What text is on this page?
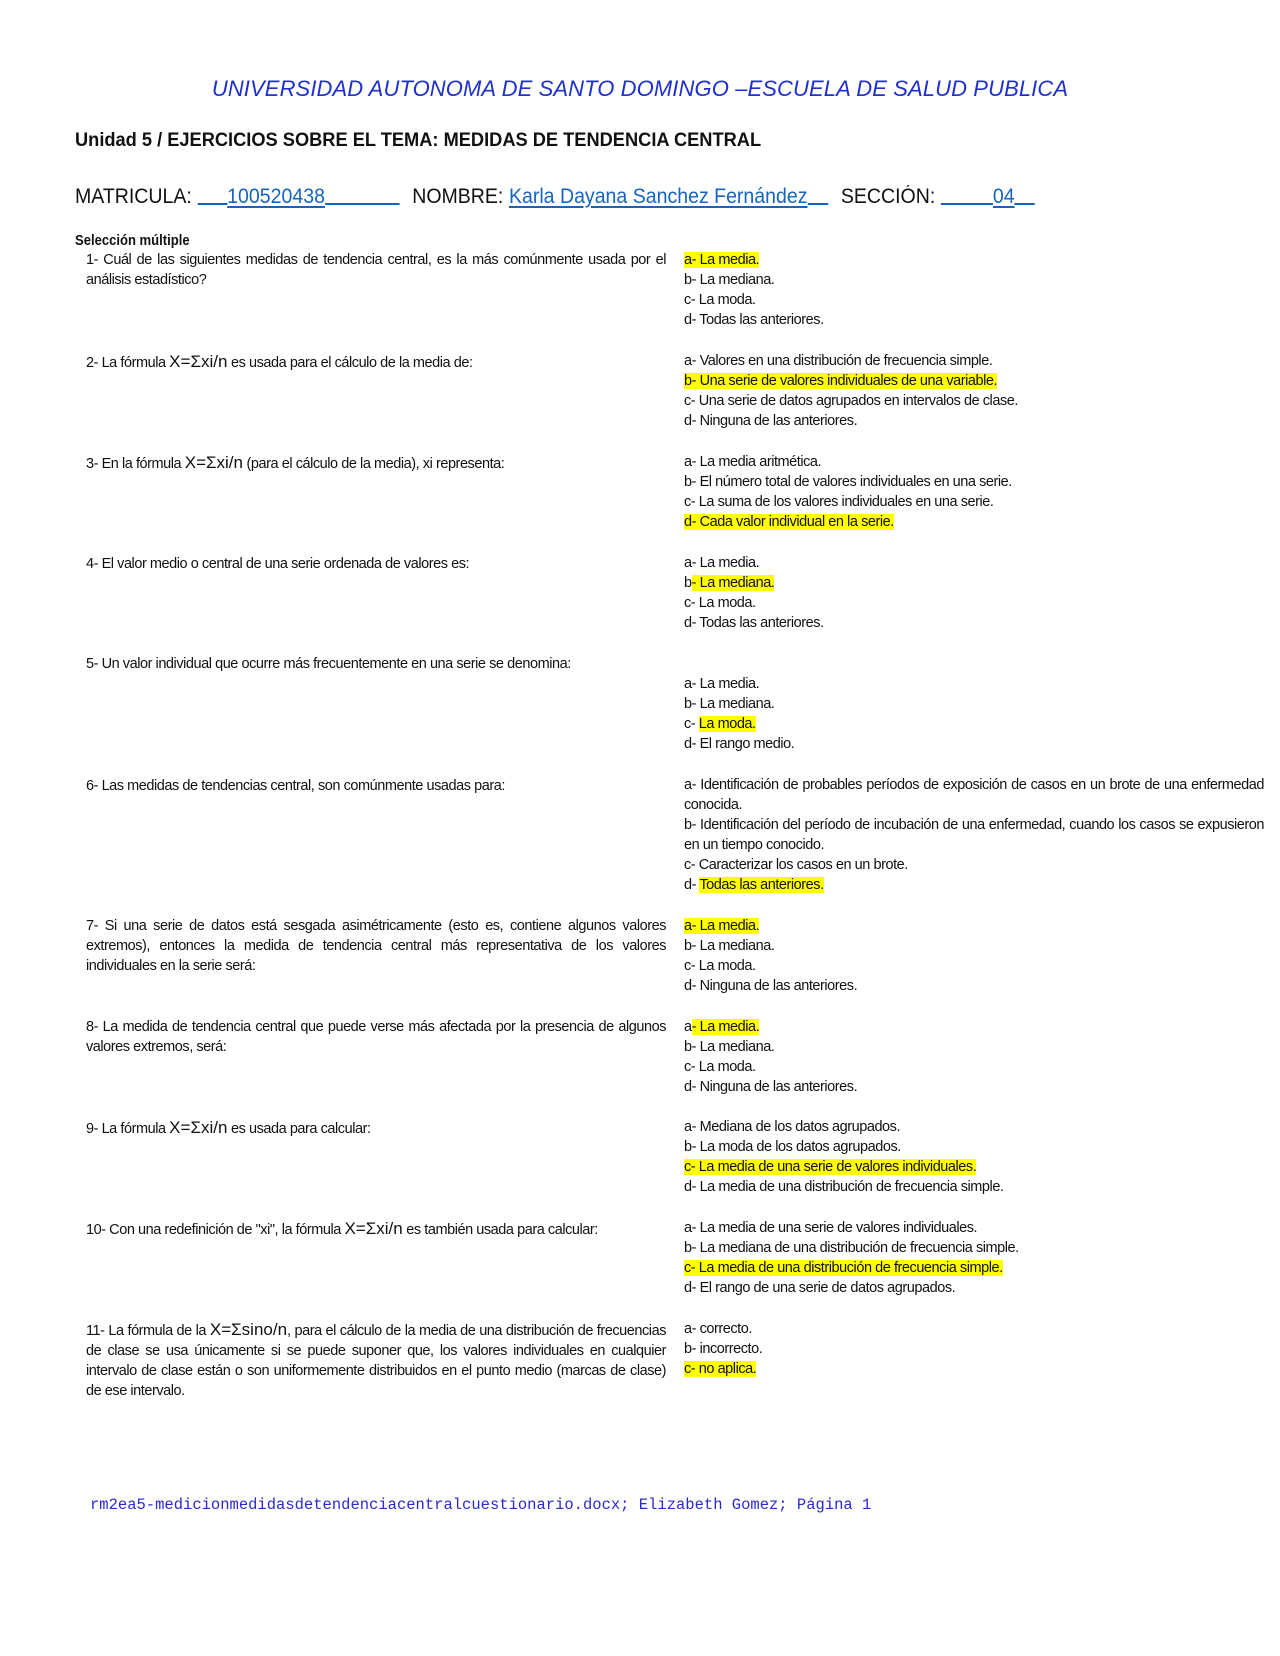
UNIVERSIDAD AUTONOMA DE SANTO DOMINGO –ESCUELA DE SALUD PUBLICA
Unidad 5 / EJERCICIOS SOBRE EL TEMA: MEDIDAS DE TENDENCIA CENTRAL
MATRICULA: 100520438	NOMBRE: Karla Dayana Sanchez Fernández SECCIÓN:	04
Selección múltiple
1- Cuál de las siguientes medidas de tendencia central, es la más comúnmente usada por el análisis estadístico?
a- La media.
b- La mediana.
c- La moda.
d- Todas las anteriores.
2- La fórmula X=Σxi/n es usada para el cálculo de la media de:	a- Valores en una distribución de frecuencia simple.
b- Una serie de valores individuales de una variable.
c- Una serie de datos agrupados en intervalos de clase.
d- Ninguna de las anteriores.
3- En la fórmula X=Σxi/n (para el cálculo de la media), xi representa:	a- La media aritmética.
b- El número total de valores individuales en una serie.
c- La suma de los valores individuales en una serie.
d- Cada valor individual en la serie.
4- El valor medio o central de una serie ordenada de valores es:	a- La media.
b- La mediana.
c- La moda.
d- Todas las anteriores.
5- Un valor individual que ocurre más frecuentemente en una serie se denomina:
a- La media.
b- La mediana.
c- La moda.
d- El rango medio.
6- Las medidas de tendencias central, son comúnmente usadas para:	a- Identificación de probables períodos de exposición de casos en un brote de una enfermedad conocida.
b- Identificación del período de incubación de una enfermedad, cuando los casos se expusieron en un tiempo conocido.
c- Caracterizar los casos en un brote.
d- Todas las anteriores.
7- Si una serie de datos está sesgada asimétricamente (esto es, contiene algunos valores extremos), entonces la medida de tendencia central más representativa de los valores individuales en la serie será:
a- La media.
b- La mediana.
c- La moda.
d- Ninguna de las anteriores.
8- La medida de tendencia central que puede verse más afectada por la presencia de algunos valores extremos, será:
a- La media.
b- La mediana.
c- La moda.
d- Ninguna de las anteriores.
9- La fórmula X=Σxi/n es usada para calcular:	a- Mediana de los datos agrupados.
b- La moda de los datos agrupados.
c- La media de una serie de valores individuales.
d- La media de una distribución de frecuencia simple.
10- Con una redefinición de "xi", la fórmula X=Σxi/n es también usada para calcular:	a- La media de una serie de valores individuales.
b- La mediana de una distribución de frecuencia simple.
c- La media de una distribución de frecuencia simple.
d- El rango de una serie de datos agrupados.
11- La fórmula de la X=Σsino/n, para el cálculo de la media de una distribución de frecuencias de clase se usa únicamente si se puede suponer que, los valores individuales en cualquier intervalo de clase están o son uniformemente distribuidos en el punto medio (marcas de clase) de ese intervalo.
a- correcto.
b- incorrecto.
c- no aplica.
rm2ea5-medicionmedidasdetendenciacentralcuestionario.docx; Elizabeth Gomez; Página 1
